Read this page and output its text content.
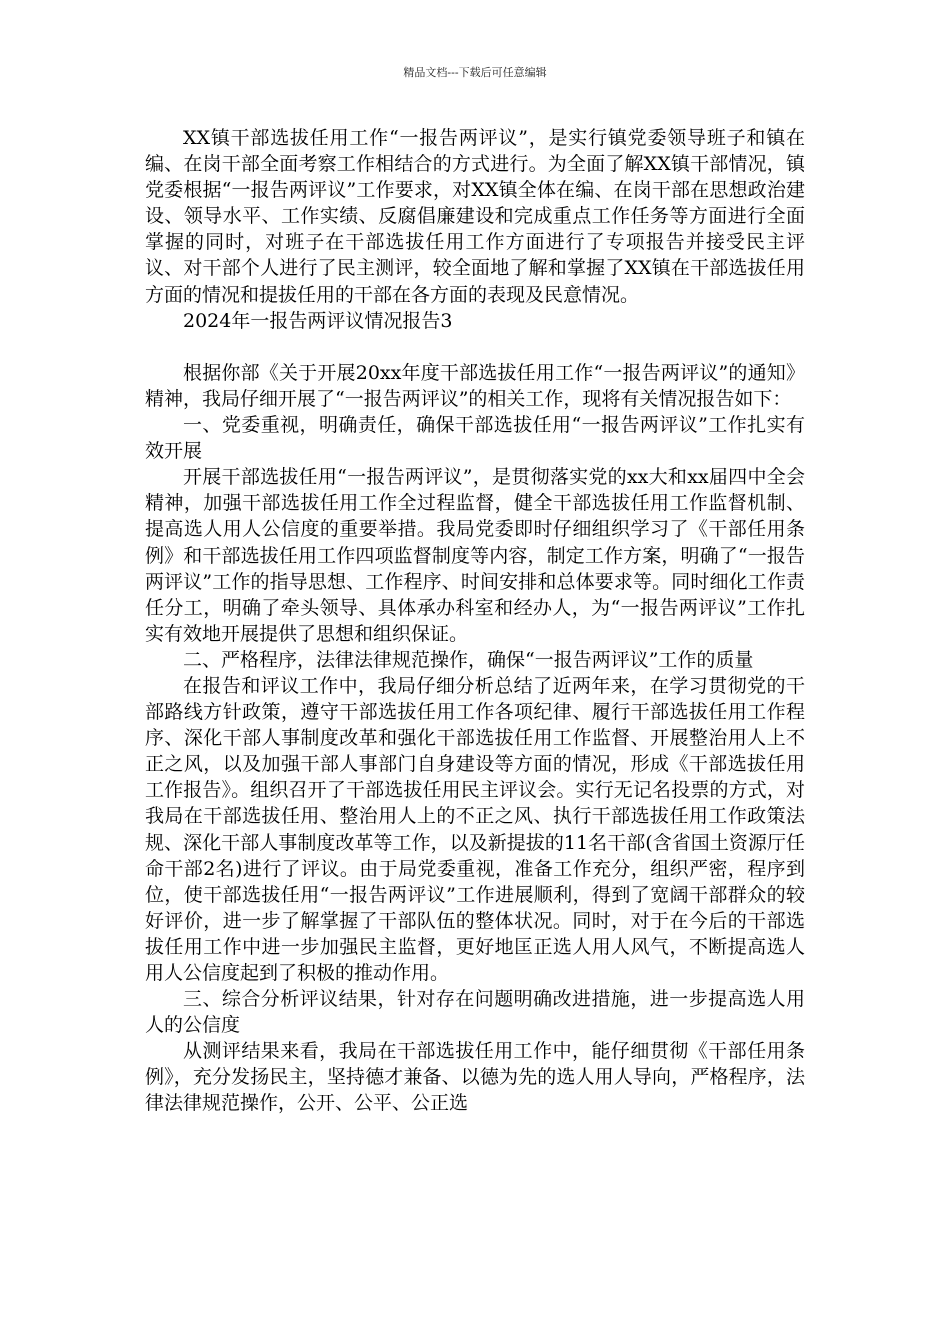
精品文档---下载后可任意编辑

XX镇干部选拔任用工作“一报告两评议”，是实行镇党委领导班子和镇在编、在岗干部全面考察工作相结合的方式进行。为全面了解XX镇干部情况，镇党委根据“一报告两评议”工作要求，对XX镇全体在编、在岗干部在思想政治建设、领导水平、工作实绩、反腐倡廉建设和完成重点工作任务等方面进行全面掌握的同时，对班子在干部选拔任用工作方面进行了专项报告并接受民主评议、对干部个人进行了民主测评，较全面地了解和掌握了XX镇在干部选拔任用方面的情况和提拔任用的干部在各方面的表现及民意情况。

2024年一报告两评议情况报告3

根据你部《关于开展20xx年度干部选拔任用工作“一报告两评议”的通知》精神，我局仔细开展了“一报告两评议”的相关工作，现将有关情况报告如下：

一、党委重视，明确责任，确保干部选拔任用“一报告两评议”工作扎实有效开展

开展干部选拔任用“一报告两评议”，是贯彻落实党的xx大和xx届四中全会精神，加强干部选拔任用工作全过程监督，健全干部选拔任用工作监督机制、提高选人用人公信度的重要举措。我局党委即时仔细组织学习了《干部任用条例》和干部选拔任用工作四项监督制度等内容，制定工作方案，明确了“一报告两评议”工作的指导思想、工作程序、时间安排和总体要求等。同时细化工作责任分工，明确了牵头领导、具体承办科室和经办人，为“一报告两评议”工作扎实有效地开展提供了思想和组织保证。

二、严格程序，法律法律规范操作，确保“一报告两评议”工作的质量

在报告和评议工作中，我局仔细分析总结了近两年来，在学习贯彻党的干部路线方针政策，遵守干部选拔任用工作各项纪律、履行干部选拔任用工作程序、深化干部人事制度改革和强化干部选拔任用工作监督、开展整治用人上不正之风，以及加强干部人事部门自身建设等方面的情况，形成《干部选拔任用工作报告》。组织召开了干部选拔任用民主评议会。实行无记名投票的方式，对我局在干部选拔任用、整治用人上的不正之风、执行干部选拔任用工作政策法规、深化干部人事制度改革等工作，以及新提拔的11名干部(含省国土资源厅任命干部2名)进行了评议。由于局党委重视，准备工作充分，组织严密，程序到位，使干部选拔任用“一报告两评议”工作进展顺利，得到了宽阔干部群众的较好评价，进一步了解掌握了干部队伍的整体状况。同时，对于在今后的干部选拔任用工作中进一步加强民主监督，更好地匡正选人用人风气，不断提高选人用人公信度起到了积极的推动作用。

三、综合分析评议结果，针对存在问题明确改进措施，进一步提高选人用人的公信度

从测评结果来看，我局在干部选拔任用工作中，能仔细贯彻《干部任用条例》，充分发扬民主，坚持德才兼备、以德为先的选人用人导向，严格程序，法律法律规范操作，公开、公平、公正选
